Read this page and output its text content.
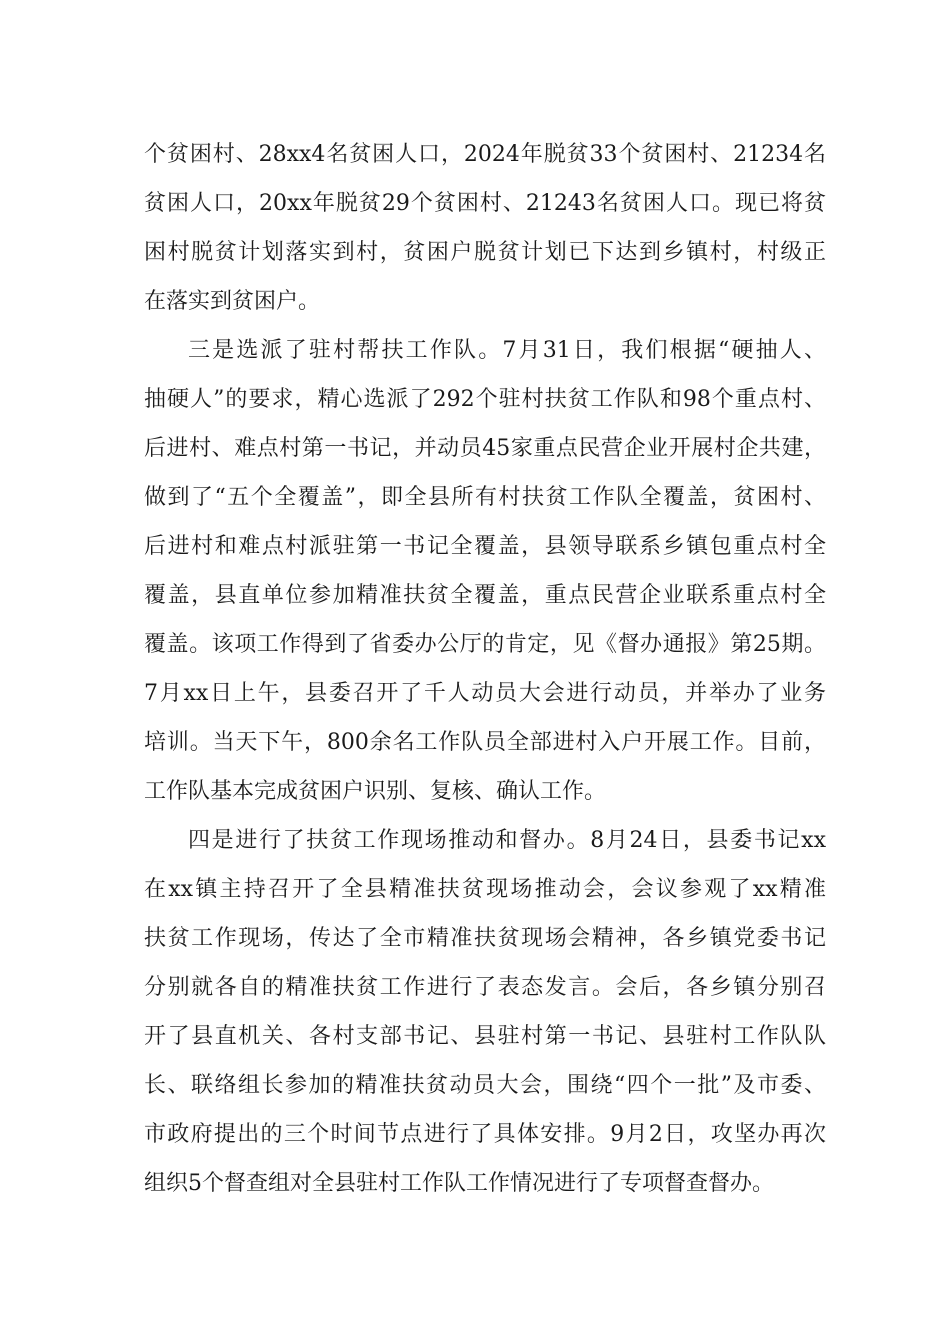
个贫困村、28xx4名贫困人口，2024年脱贫33个贫困村、21234名
贫困人口，20xx年脱贫29个贫困村、21243名贫困人口。现已将贫
困村脱贫计划落实到村，贫困户脱贫计划已下达到乡镇村，村级正
在落实到贫困户。
三是选派了驻村帮扶工作队。7月31日，我们根据“硬抽人、
抽硬人”的要求，精心选派了292个驻村扶贫工作队和98个重点村、
后进村、难点村第一书记，并动员45家重点民营企业开展村企共建，
做到了“五个全覆盖”，即全县所有村扶贫工作队全覆盖，贫困村、
后进村和难点村派驻第一书记全覆盖，县领导联系乡镇包重点村全
覆盖，县直单位参加精准扶贫全覆盖，重点民营企业联系重点村全
覆盖。该项工作得到了省委办公厅的肯定，见《督办通报》第25期。
7月xx日上午，县委召开了千人动员大会进行动员，并举办了业务
培训。当天下午，800余名工作队员全部进村入户开展工作。目前，
工作队基本完成贫困户识别、复核、确认工作。
四是进行了扶贫工作现场推动和督办。8月24日，县委书记xx
在xx镇主持召开了全县精准扶贫现场推动会，会议参观了xx精准
扶贫工作现场，传达了全市精准扶贫现场会精神，各乡镇党委书记
分别就各自的精准扶贫工作进行了表态发言。会后，各乡镇分别召
开了县直机关、各村支部书记、县驻村第一书记、县驻村工作队队
长、联络组长参加的精准扶贫动员大会，围绕“四个一批”及市委、
市政府提出的三个时间节点进行了具体安排。9月2日，攻坚办再次
组织5个督查组对全县驻村工作队工作情况进行了专项督查督办。
